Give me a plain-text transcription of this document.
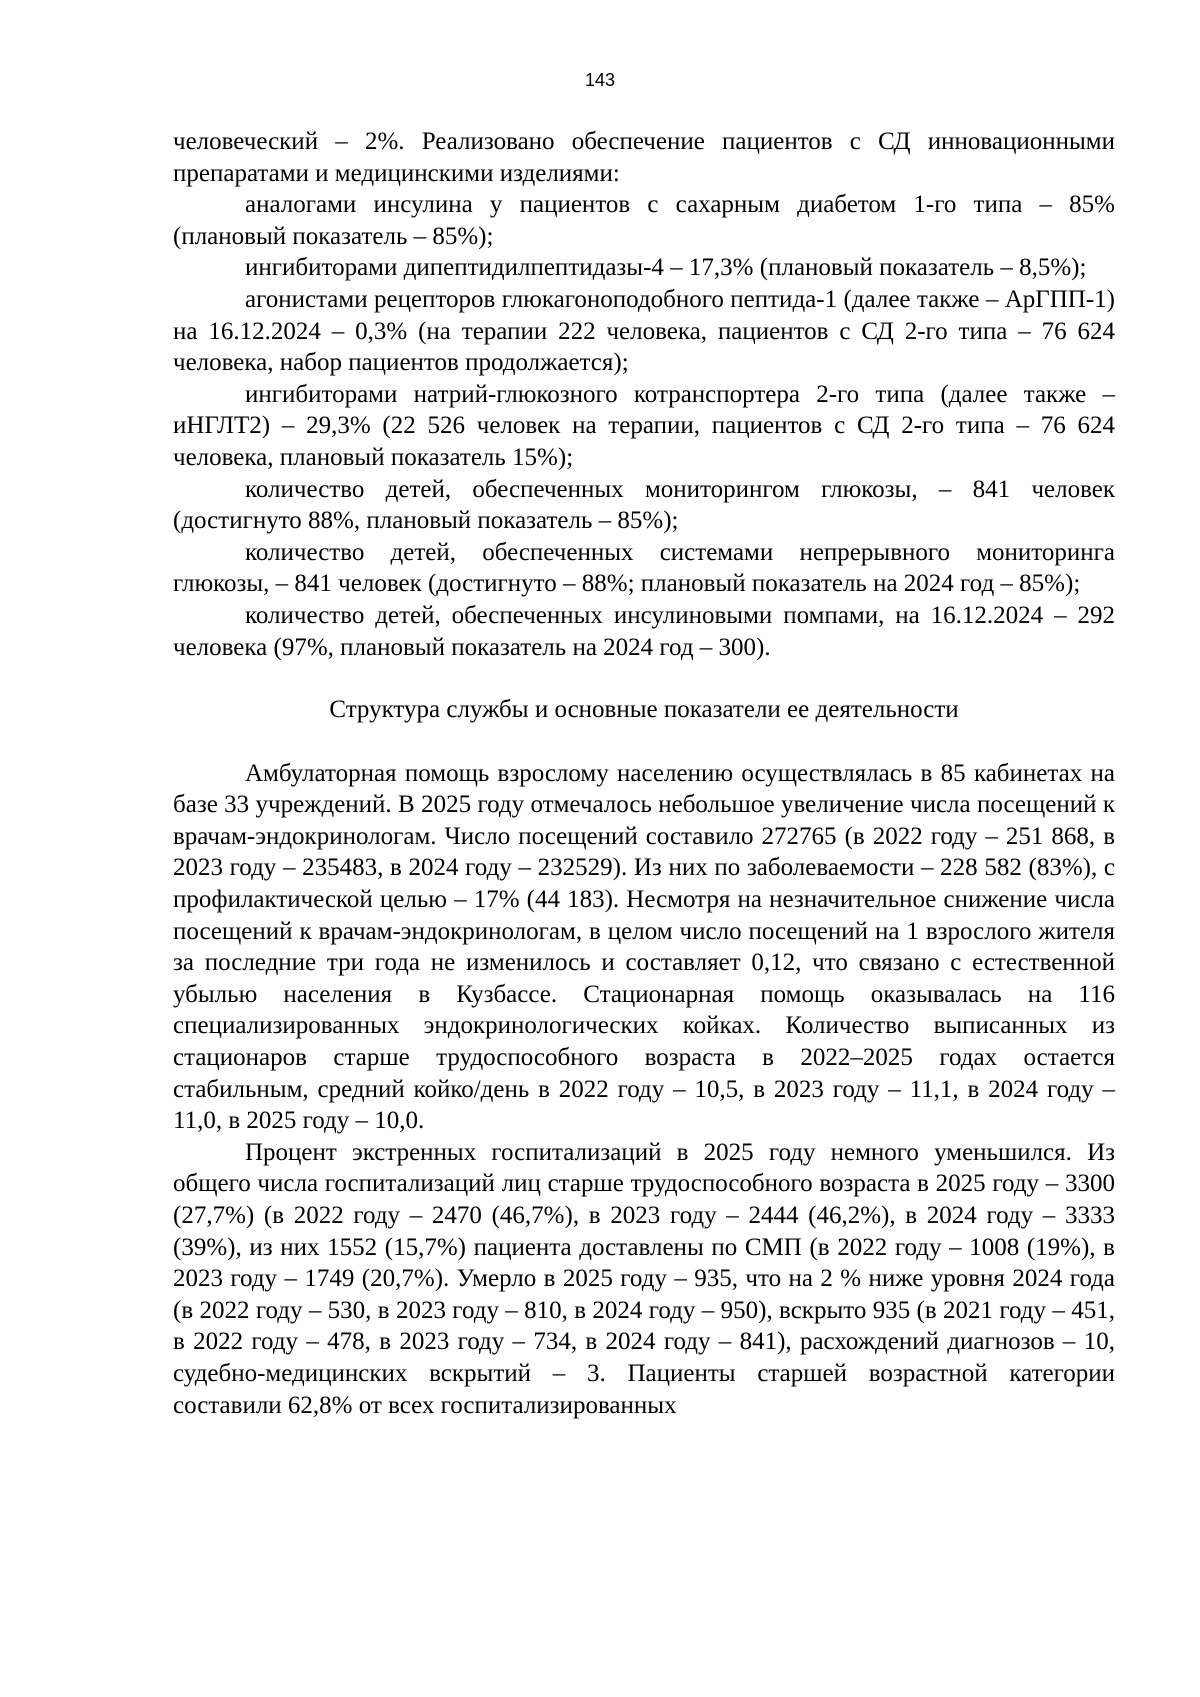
143

человеческий – 2%. Реализовано обеспечение пациентов с СД инновационными препаратами и медицинскими изделиями:

аналогами инсулина у пациентов с сахарным диабетом 1-го типа – 85% (плановый показатель – 85%);

ингибиторами дипептидилпептидазы-4 – 17,3% (плановый показатель – 8,5%);

агонистами рецепторов глюкагоноподобного пептида-1 (далее также – АрГПП-1) на 16.12.2024 – 0,3% (на терапии 222 человека, пациентов с СД 2-го типа – 76 624 человека, набор пациентов продолжается);

ингибиторами натрий-глюкозного котранспортера 2-го типа (далее также – иНГЛТ2) – 29,3% (22 526 человек на терапии, пациентов с СД 2-го типа – 76 624 человека, плановый показатель 15%);

количество детей, обеспеченных мониторингом глюкозы, – 841 человек (достигнуто 88%, плановый показатель – 85%);

количество детей, обеспеченных системами непрерывного мониторинга глюкозы, – 841 человек (достигнуто – 88%; плановый показатель на 2024 год – 85%);

количество детей, обеспеченных инсулиновыми помпами, на 16.12.2024 – 292 человека (97%, плановый показатель на 2024 год – 300).

Структура службы и основные показатели ее деятельности

Амбулаторная помощь взрослому населению осуществлялась в 85 кабинетах на базе 33 учреждений. В 2025 году отмечалось небольшое увеличение числа посещений к врачам-эндокринологам. Число посещений составило 272765 (в 2022 году – 251 868, в 2023 году – 235483, в 2024 году – 232529). Из них по заболеваемости – 228 582 (83%), с профилактической целью – 17% (44 183). Несмотря на незначительное снижение числа посещений к врачам-эндокринологам, в целом число посещений на 1 взрослого жителя за последние три года не изменилось и составляет 0,12, что связано с естественной убылью населения в Кузбассе. Стационарная помощь оказывалась на 116 специализированных эндокринологических койках. Количество выписанных из стационаров старше трудоспособного возраста в 2022–2025 годах остается стабильным, средний койко/день в 2022 году – 10,5, в 2023 году – 11,1, в 2024 году – 11,0, в 2025 году – 10,0.

Процент экстренных госпитализаций в 2025 году немного уменьшился. Из общего числа госпитализаций лиц старше трудоспособного возраста в 2025 году – 3300 (27,7%) (в 2022 году – 2470 (46,7%), в 2023 году – 2444 (46,2%), в 2024 году – 3333 (39%), из них 1552 (15,7%) пациента доставлены по СМП (в 2022 году – 1008 (19%), в 2023 году – 1749 (20,7%). Умерло в 2025 году – 935, что на 2 % ниже уровня 2024 года (в 2022 году – 530, в 2023 году – 810, в 2024 году – 950), вскрыто 935 (в 2021 году – 451, в 2022 году – 478, в 2023 году – 734, в 2024 году – 841), расхождений диагнозов – 10, судебно-медицинских вскрытий – 3. Пациенты старшей возрастной категории составили 62,8% от всех госпитализированных
